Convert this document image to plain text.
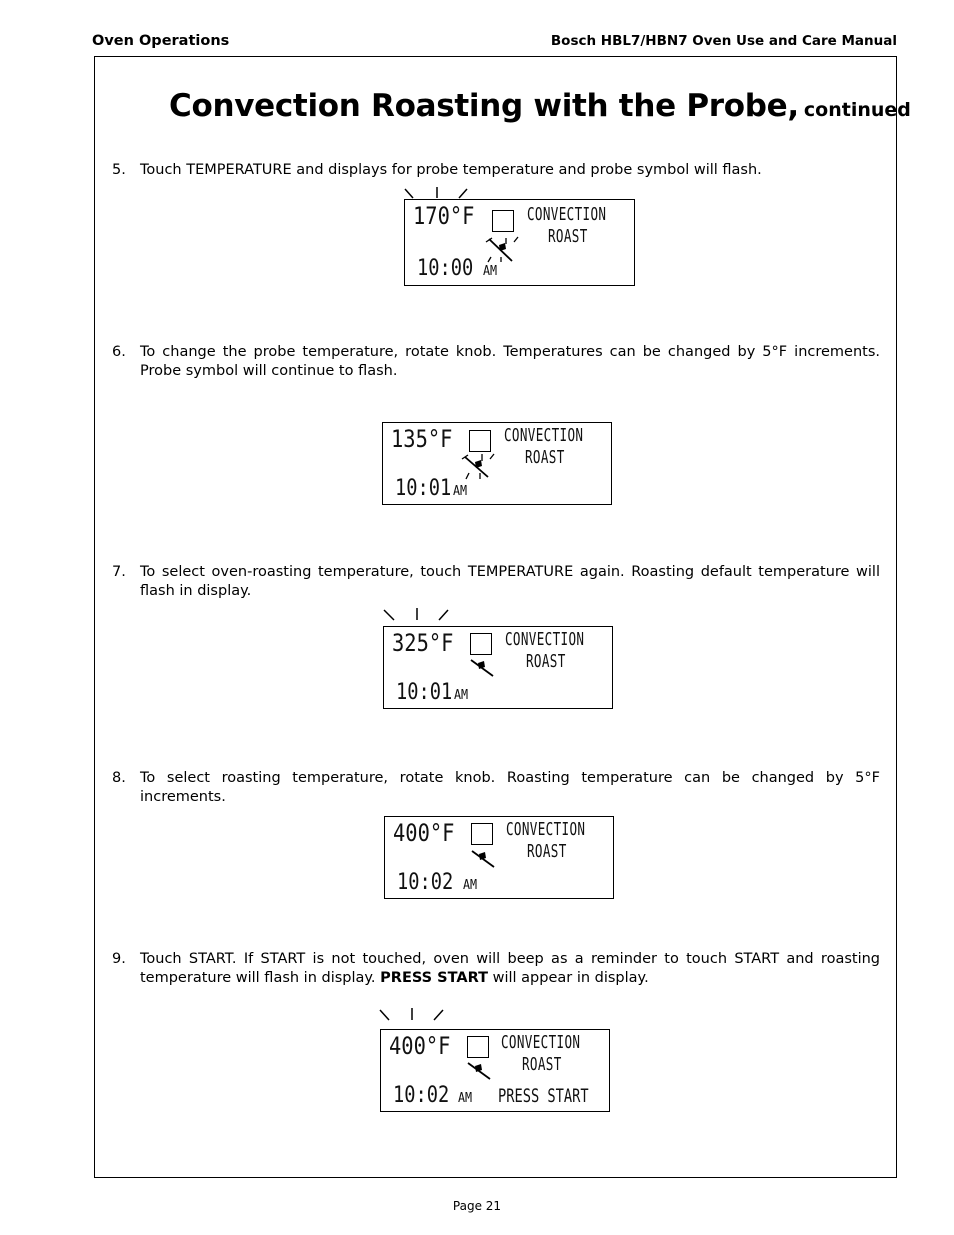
Oven Operations	Bosch HBL7/HBN7 Oven Use and Care Manual
Convection Roasting with the Probe, continued
5. Touch TEMPERATURE and displays for probe temperature and probe symbol will flash.
170°F	CONVECTION
ROAST
10:00 AM
6. To change the probe temperature, rotate knob. Temperatures can be changed by 5°F increments. Probe symbol will continue to flash.
135°F	CONVECTION
ROAST
10:01 AM
7. To select oven-roasting temperature, touch TEMPERATURE again. Roasting default temperature will flash in display.
325°F	CONVECTION
ROAST
10:01 AM
8. To select roasting temperature, rotate knob. Roasting temperature can be changed by 5°F increments.
400°F	CONVECTION
ROAST
10:02 AM
9. Touch START. If START is not touched, oven will beep as a reminder to touch START and roasting temperature will flash in display. PRESS START will appear in display.
400°F	CONVECTION
ROAST
10:02 AM PRESS START
Page 21
